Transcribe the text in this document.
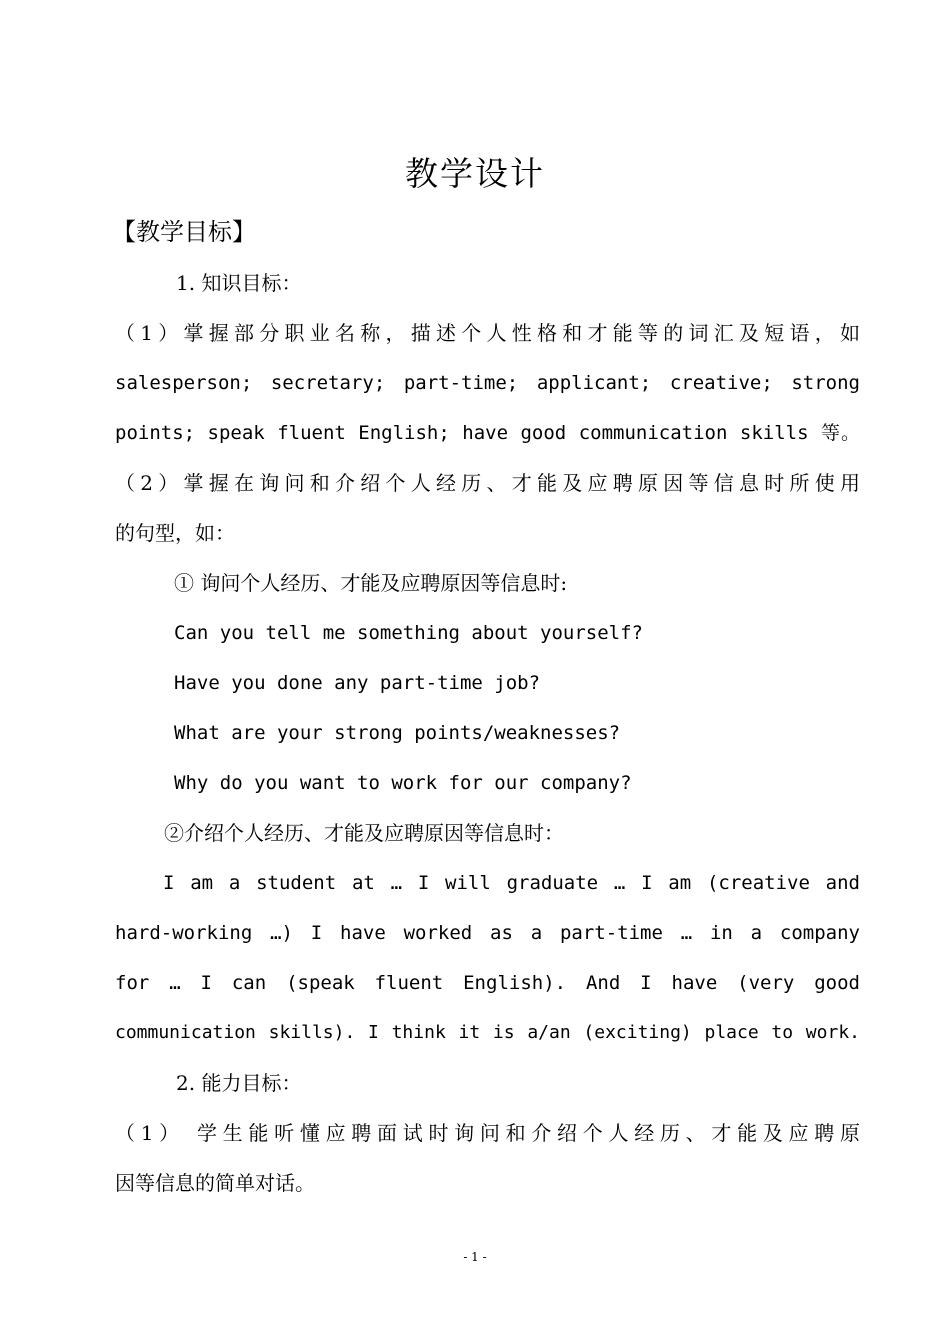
教学设计
【教学目标】
1. 知识目标：
（1）掌握部分职业名称，描述个人性格和才能等的词汇及短语，如
salesperson; secretary; part-time; applicant; creative; strong
points; speak fluent English; have good communication skills 等。
（2）掌握在询问和介绍个人经历、才能及应聘原因等信息时所使用
的句型，如：
① 询问个人经历、才能及应聘原因等信息时:
Can you tell me something about yourself?
Have you done any part-time job?
What are your strong points/weaknesses?
Why do you want to work for our company?
②介绍个人经历、才能及应聘原因等信息时：
I am a student at … I will graduate … I am (creative and
hard-working …) I have worked as a part-time … in a company
for … I can (speak fluent English). And I have (very good
communication skills). I think it is a/an (exciting) place to work.
2. 能力目标：
（1） 学生能听懂应聘面试时询问和介绍个人经历、才能及应聘原
因等信息的简单对话。
- 1 -
